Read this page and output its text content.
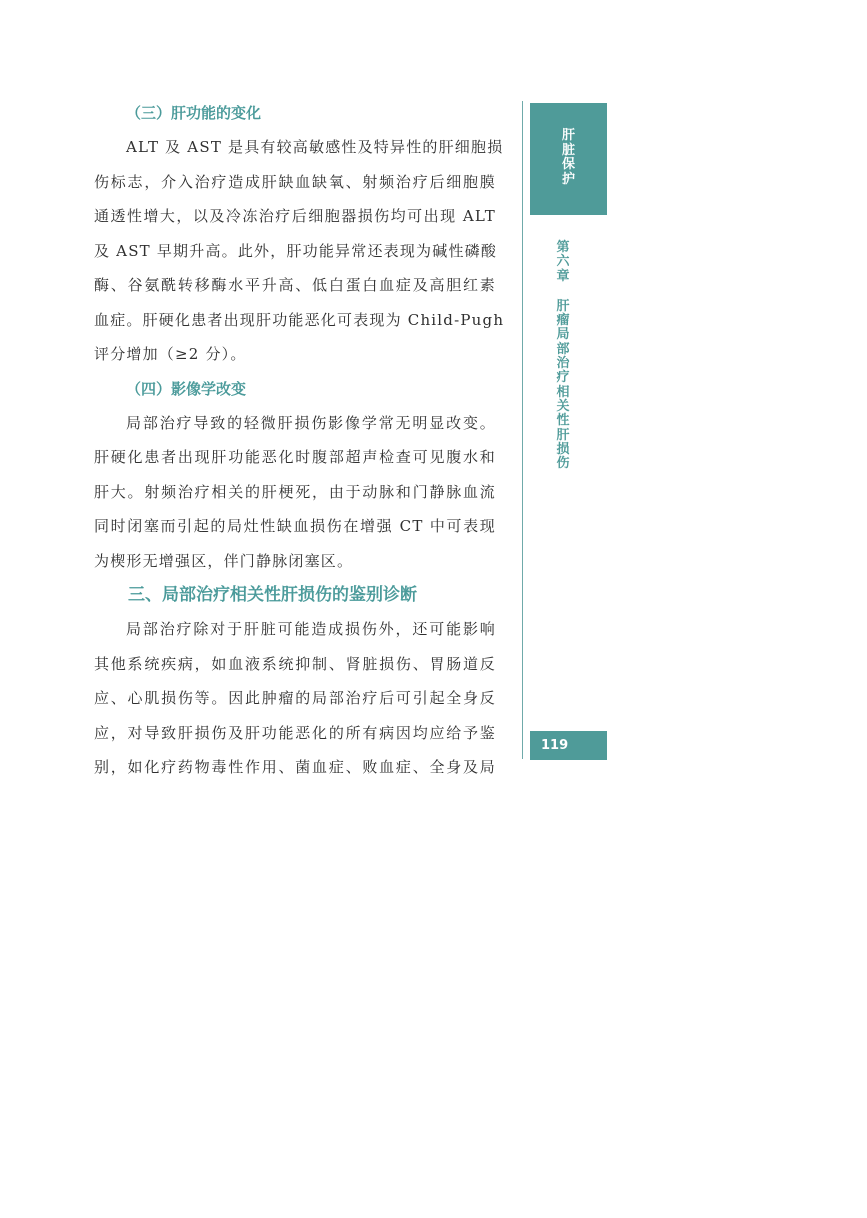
（三）肝功能的变化
ALT 及 AST 是具有较高敏感性及特异性的肝细胞损
伤标志，介入治疗造成肝缺血缺氧、射频治疗后细胞膜
通透性增大，以及冷冻治疗后细胞器损伤均可出现 ALT
及 AST 早期升高。此外，肝功能异常还表现为碱性磷酸
酶、谷氨酰转移酶水平升高、低白蛋白血症及高胆红素
血症。肝硬化患者出现肝功能恶化可表现为 Child-Pugh
评分增加（≥2 分）。
（四）影像学改变
局部治疗导致的轻微肝损伤影像学常无明显改变。
肝硬化患者出现肝功能恶化时腹部超声检查可见腹水和
肝大。射频治疗相关的肝梗死，由于动脉和门静脉血流
同时闭塞而引起的局灶性缺血损伤在增强 CT 中可表现
为楔形无增强区，伴门静脉闭塞区。
三、局部治疗相关性肝损伤的鉴别诊断
局部治疗除对于肝脏可能造成损伤外，还可能影响
其他系统疾病，如血液系统抑制、肾脏损伤、胃肠道反
应、心肌损伤等。因此肿瘤的局部治疗后可引起全身反
应，对导致肝损伤及肝功能恶化的所有病因均应给予鉴
别，如化疗药物毒性作用、菌血症、败血症、全身及局
肝脏保护
第六章
肝瘤局部治疗相关性肝损伤
119
